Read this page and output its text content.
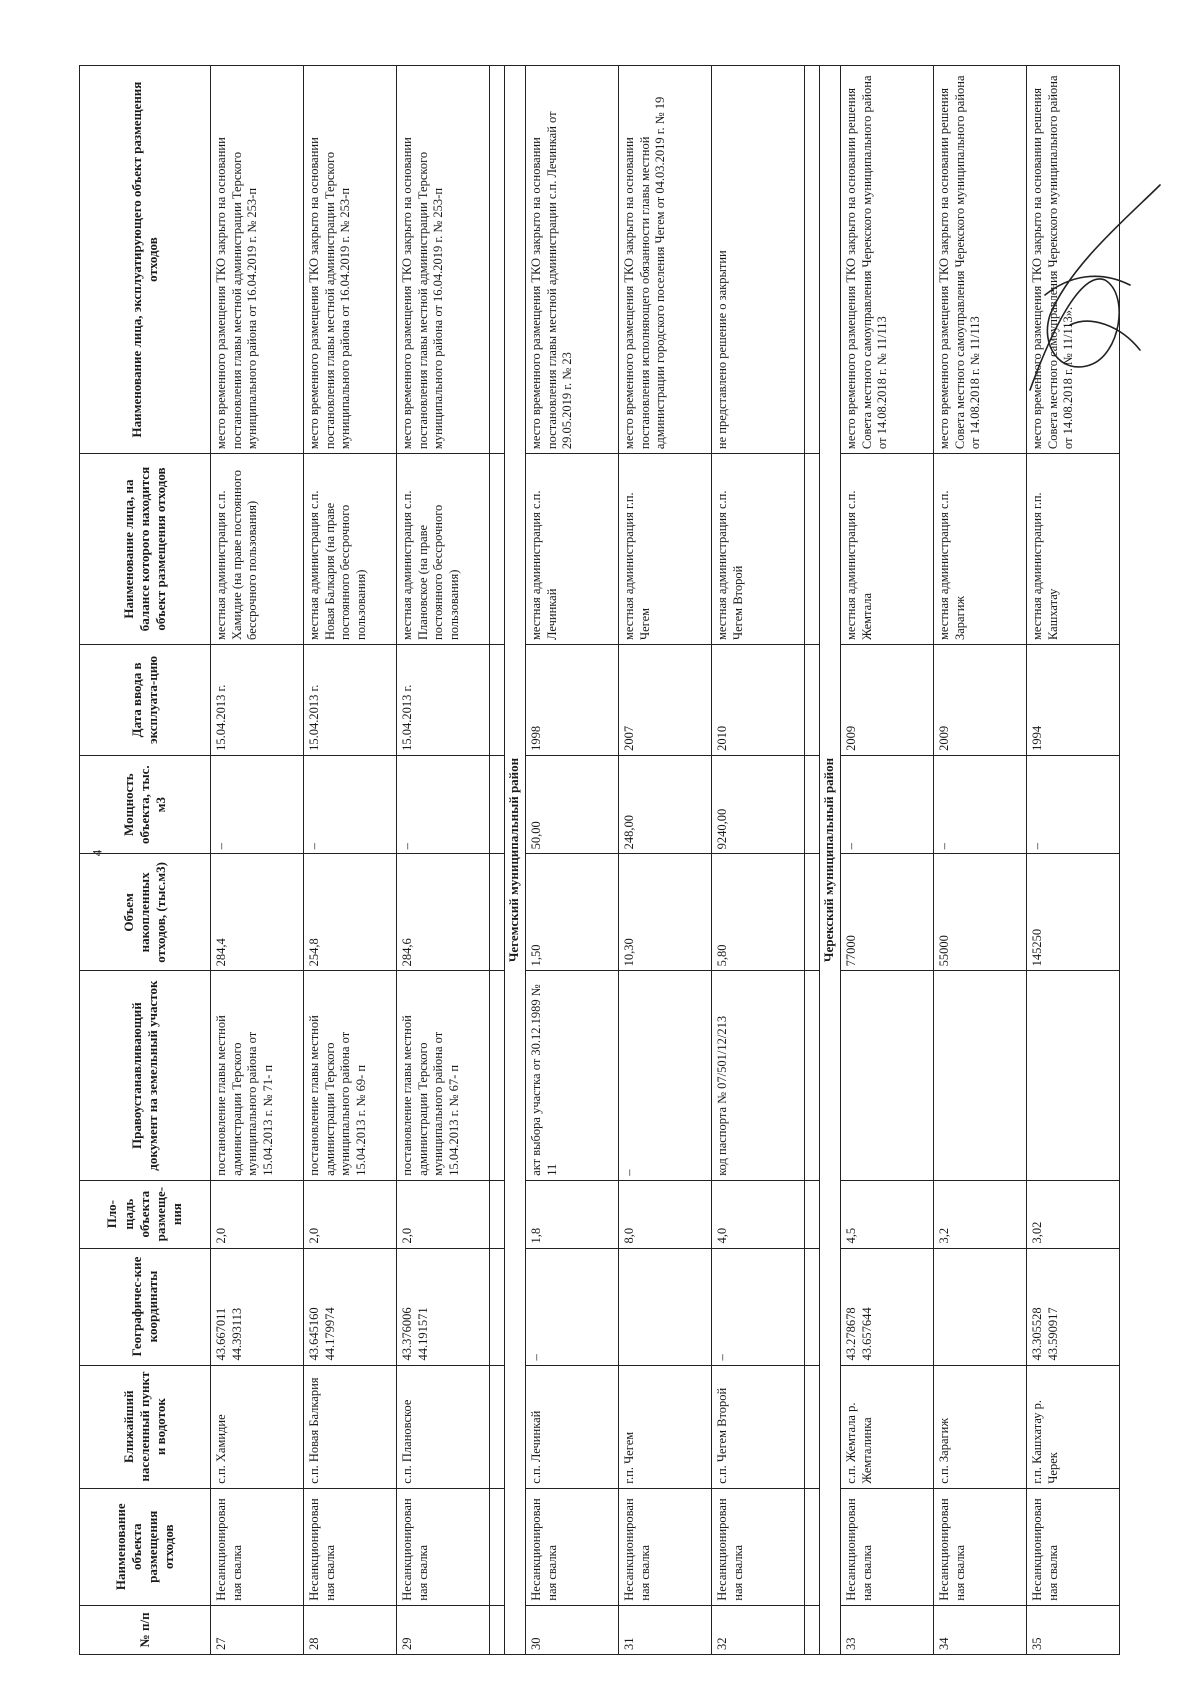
4
№ п/п	Наименование объекта размещения отходов	Ближайший населенный пункт и водоток	Географичес-кие координаты	Пло-щадь объекта размеще-ния	Правоустанавливающий документ на земельный участок	Объем накопленных отходов, (тыс.м3)	Мощность объекта, тыс. м3	Дата ввода в эксплуата-цию	Наименование лица, на балансе которого находится объект размещения отходов	Наименование лица, эксплуатирующего объект размещения отходов
27	Несанкционированная свалка	с.п. Хамидие	43.667011 44.393113	2,0	постановление главы местной администрации Терского муниципального района от 15.04.2013 г. № 71- п	284,4	–	15.04.2013 г.	местная администрация с.п. Хамидие (на праве постоянного бессрочного пользования)	место временного размещения ТКО закрыто на основании постановления главы местной администрации Терского муниципального района от 16.04.2019 г. № 253-п
28	Несанкционированная свалка	с.п. Новая Балкария	43.645160 44.179974	2,0	постановление главы местной администрации Терского муниципального района от 15.04.2013 г. № 69- п	254,8	–	15.04.2013 г.	местная администрация с.п. Новая Балкария (на праве постоянного бессрочного пользования)	место временного размещения ТКО закрыто на основании постановления главы местной администрации Терского муниципального района от 16.04.2019 г. № 253-п
29	Несанкционированная свалка	с.п. Плановское	43.376006 44.191571	2,0	постановление главы местной администрации Терского муниципального района от 15.04.2013 г. № 67- п	284,6	–	15.04.2013 г.	местная администрация с.п. Плановское (на праве постоянного бессрочного пользования)	место временного размещения ТКО закрыто на основании постановления главы местной администрации Терского муниципального района от 16.04.2019 г. № 253-п

Чегемский муниципальный район										
30	Несанкционированная свалка	с.п. Лечинкай	–	1,8	акт выбора участка от 30.12.1989 № 11	1,50	50,00	1998	местная администрация с.п. Лечинкай	место временного размещения ТКО закрыто на основании постановления главы местной администрации с.п. Лечинкай от 29.05.2019 г. № 23
31	Несанкционированная свалка	г.п. Чегем		8,0	–	10,30	248,00	2007	местная администрация г.п. Чегем	место временного размещения ТКО закрыто на основании постановления исполняющего обязанности главы местной администрации городского поселения Чегем от 04.03.2019 г. № 19
32	Несанкционированная свалка	с.п. Чегем Второй	–	4,0	код паспорта № 07/501/12/213	5,80	9240,00	2010	местная администрация с.п. Чегем Второй	не представлено решение о закрытии

Черекский муниципальный район										
33	Несанкционированная свалка	с.п. Жемтала р. Жемталинка	43.278678 43.657644	4,5		77000	–	2009	местная администрация с.п. Жемтала	место временного размещения ТКО закрыто на основании решения Совета местного самоуправления Черекского муниципального района от 14.08.2018 г. № 11/113
34	Несанкционированная свалка	с.п. Зарагиж		3,2		55000	–	2009	местная администрация с.п. Зарагиж	место временного размещения ТКО закрыто на основании решения Совета местного самоуправления Черекского муниципального района от 14.08.2018 г. № 11/113
35	Несанкционированная свалка	г.п. Кашхатау р. Черек	43.305528 43.590917	3,02		145250	–	1994	местная администрация г.п. Кашхатау	место временного размещения ТКО закрыто на основании решения Совета местного самоуправления Черекского муниципального района от 14.08.2018 г. № 11/113».
